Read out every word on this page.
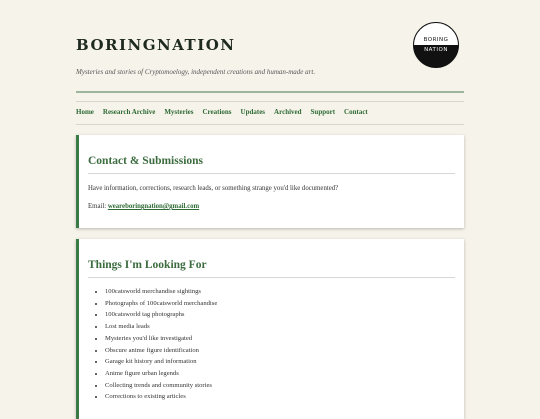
BORINGNATION
Mysteries and stories of Cryptomoelogy, independent creations and human-made art.
BORING
NATION
Home Research Archive Mysteries Creations Updates Archived Support Contact
Contact & Submissions

Have information, corrections, research leads, or something strange you'd like documented?

Email: weareboringnation@gmail.com

Things I'm Looking For
• 100catsworld merchandise sightings
• Photographs of 100catsworld merchandise
• 100catsworld tag photographs
• Lost media leads
• Mysteries you'd like investigated
• Obscure anime figure identification
• Garage kit history and information
• Anime figure urban legends
• Collecting trends and community stories
• Corrections to existing articles
